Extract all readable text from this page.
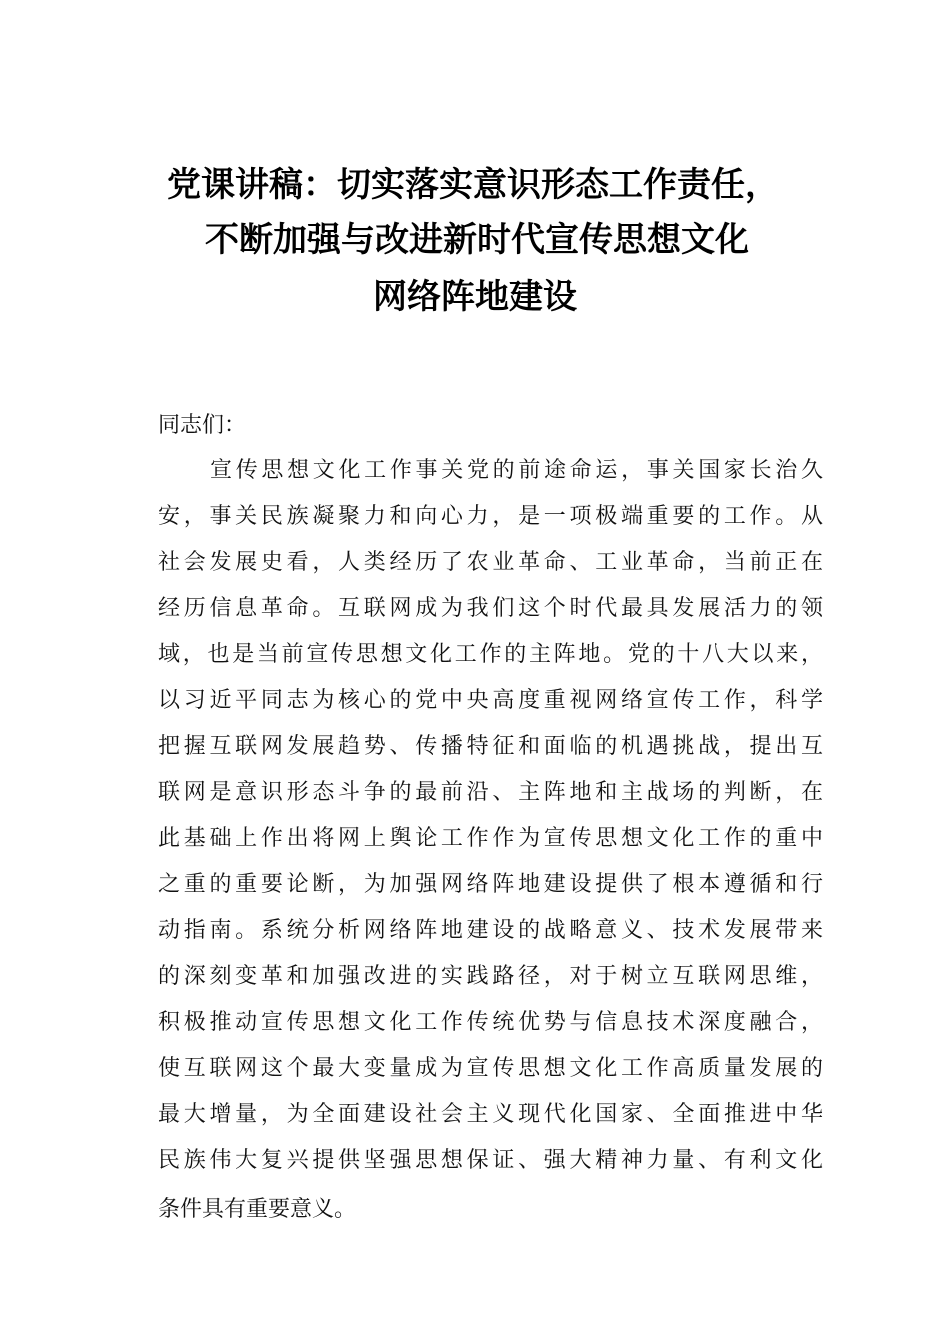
党课讲稿：切实落实意识形态工作责任，
不断加强与改进新时代宣传思想文化
网络阵地建设
同志们：
宣传思想文化工作事关党的前途命运，事关国家长治久
安，事关民族凝聚力和向心力，是一项极端重要的工作。从
社会发展史看，人类经历了农业革命、工业革命，当前正在
经历信息革命。互联网成为我们这个时代最具发展活力的领
域，也是当前宣传思想文化工作的主阵地。党的十八大以来，
以习近平同志为核心的党中央高度重视网络宣传工作，科学
把握互联网发展趋势、传播特征和面临的机遇挑战，提出互
联网是意识形态斗争的最前沿、主阵地和主战场的判断，在
此基础上作出将网上舆论工作作为宣传思想文化工作的重中
之重的重要论断，为加强网络阵地建设提供了根本遵循和行
动指南。系统分析网络阵地建设的战略意义、技术发展带来
的深刻变革和加强改进的实践路径，对于树立互联网思维，
积极推动宣传思想文化工作传统优势与信息技术深度融合，
使互联网这个最大变量成为宣传思想文化工作高质量发展的
最大增量，为全面建设社会主义现代化国家、全面推进中华
民族伟大复兴提供坚强思想保证、强大精神力量、有利文化
条件具有重要意义。
